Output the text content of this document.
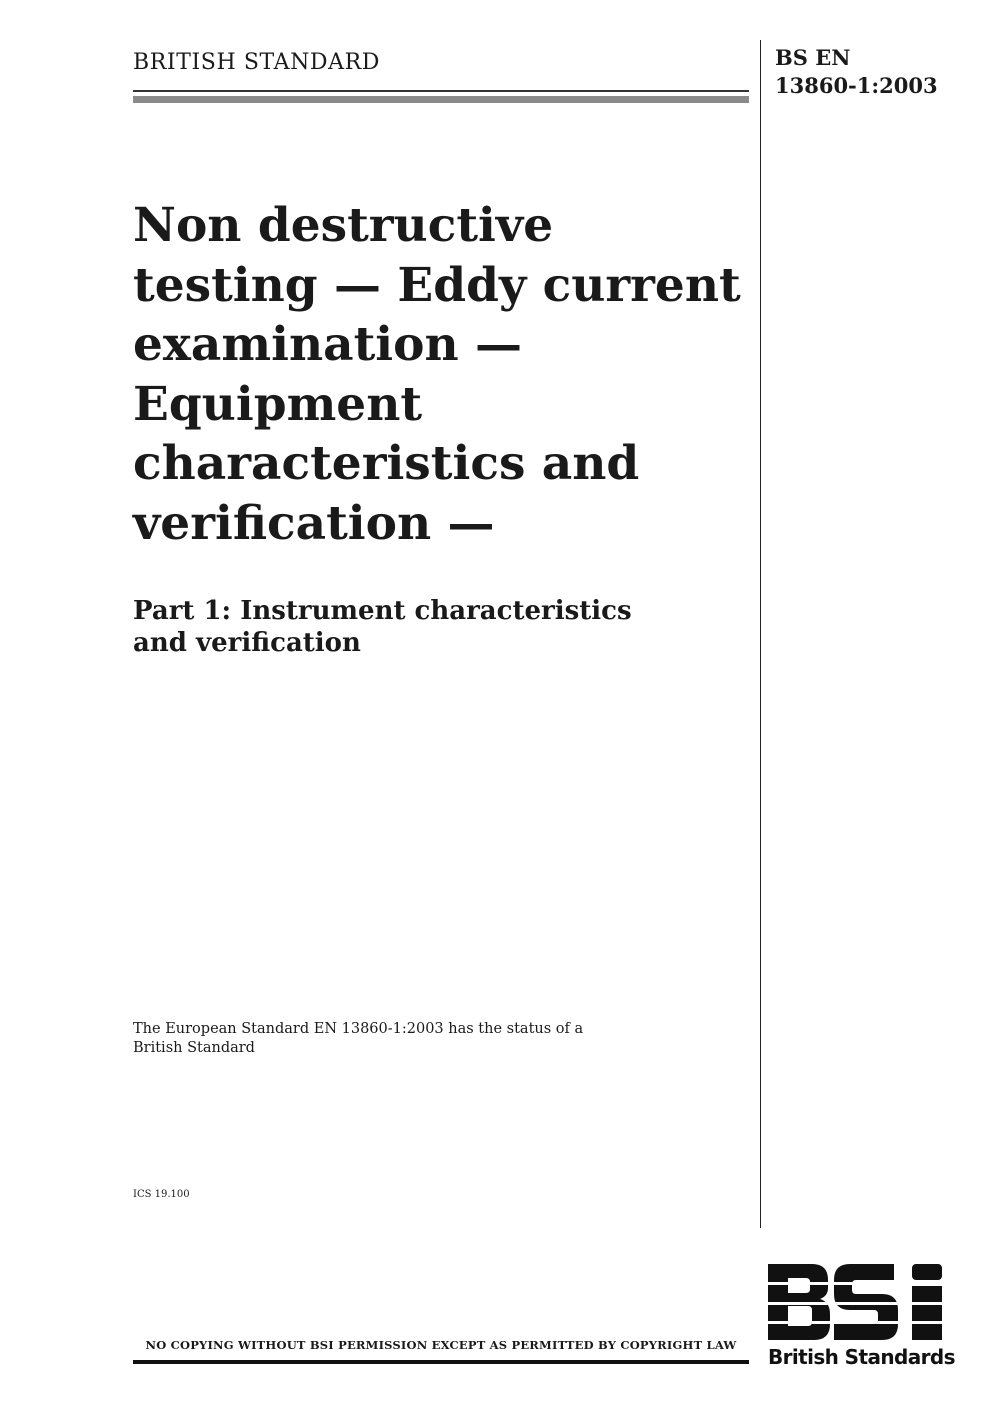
BRITISH STANDARD	BS EN
13860-1:2003
Non destructive
testing — Eddy current
examination —
Equipment
characteristics and
verification —
Part 1: Instrument characteristics
and verification
The European Standard EN 13860-1:2003 has the status of a
British Standard
ICS 19.100
NO COPYING WITHOUT BSI PERMISSION EXCEPT AS PERMITTED BY COPYRIGHT LAW	British Standards
